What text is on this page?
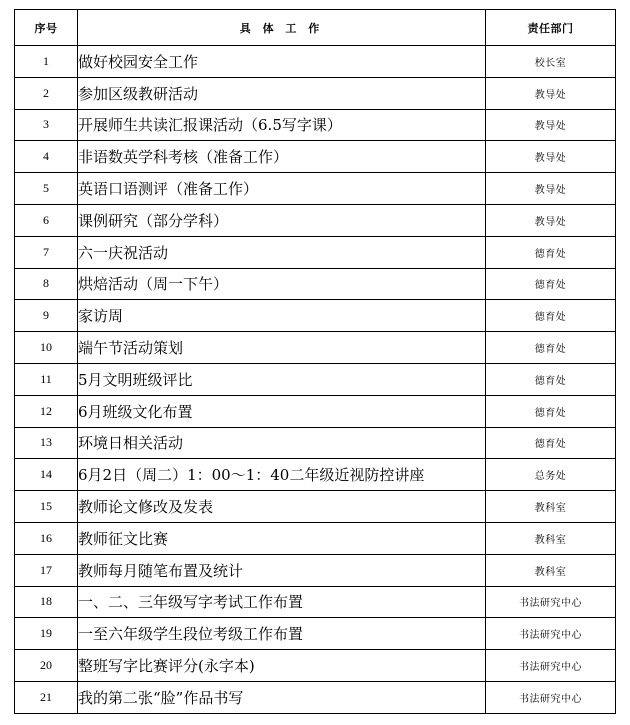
序号	具 体 工 作	责任部门
1	做好校园安全工作	校长室
2	参加区级教研活动	教导处
3	开展师生共读汇报课活动（6.5写字课）	教导处
4	非语数英学科考核（准备工作）	教导处
5	英语口语测评（准备工作）	教导处
6	课例研究（部分学科）	教导处
7	六一庆祝活动	德育处
8	烘焙活动（周一下午）	德育处
9	家访周	德育处
10	端午节活动策划	德育处
11	5月文明班级评比	德育处
12	6月班级文化布置	德育处
13	环境日相关活动	德育处
14	6月2日（周二）1：00～1：40二年级近视防控讲座	总务处
15	教师论文修改及发表	教科室
16	教师征文比赛	教科室
17	教师每月随笔布置及统计	教科室
18	一、二、三年级写字考试工作布置	书法研究中心
19	一至六年级学生段位考级工作布置	书法研究中心
20	整班写字比赛评分(永字本)	书法研究中心
21	我的第二张“脸”作品书写	书法研究中心
